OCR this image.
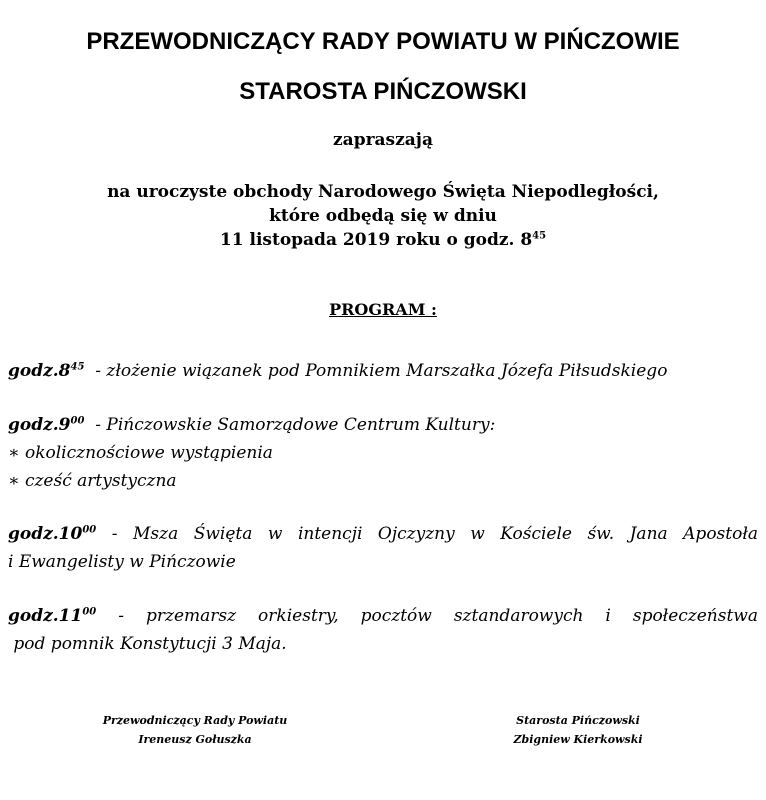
PRZEWODNICZĄCY RADY POWIATU W PIŃCZOWIE
STAROSTA PIŃCZOWSKI
zapraszają
na uroczyste obchody Narodowego Święta Niepodległości,
które odbędą się w dniu
11 listopada 2019 roku o godz. $8^{45}$
PROGRAM :
$godz.8^{45}$  - złożenie wiązanek pod Pomnikiem Marszałka Józefa Piłsudskiego
$godz.9^{00}$  - Pińczowskie Samorządowe Centrum Kultury:
∗ okolicznościowe wystąpienia
∗ cześć artystyczna
$godz.10^{00}$ - Msza Święta w intencji Ojczyzny w Kościele św. Jana Apostoła
i Ewangelisty w Pińczowie
$godz.11^{00}$ - przemarsz orkiestry, pocztów sztandarowych i społeczeństwa
pod pomnik Konstytucji 3 Maja.
Przewodniczący Rady Powiatu
Ireneusz Gołuszka
Starosta Pińczowski
Zbigniew Kierkowski
